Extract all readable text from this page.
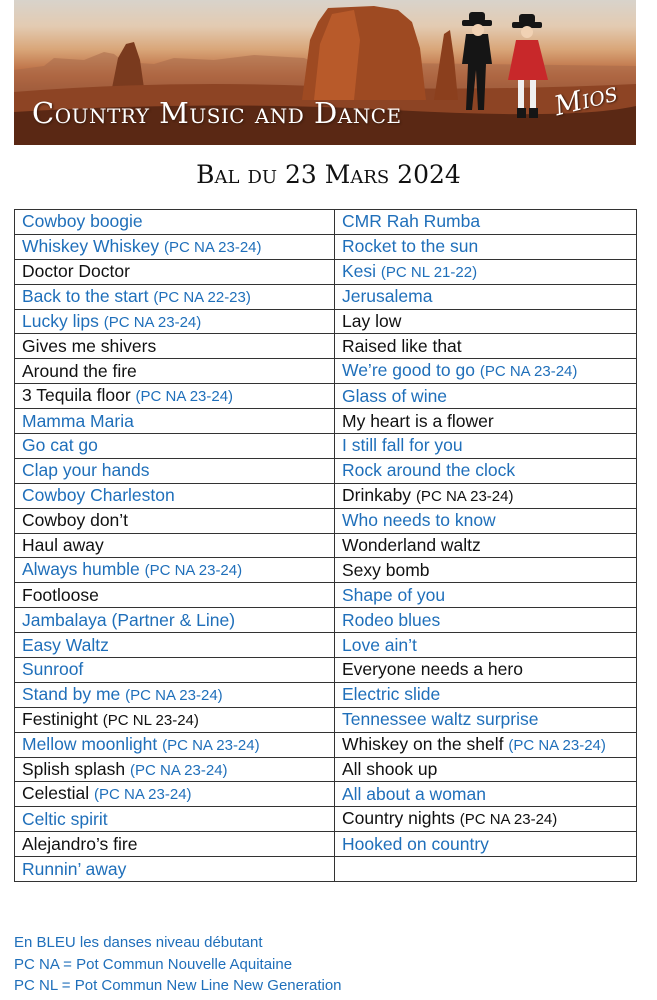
Country Music and Dance	Mios
Bal du 23 Mars 2024
Cowboy boogie	CMR Rah Rumba
Whiskey Whiskey (PC NA 23-24)	Rocket to the sun
Doctor Doctor	Kesi (PC NL 21-22)
Back to the start (PC NA 22-23)	Jerusalema
Lucky lips (PC NA 23-24)	Lay low
Gives me shivers	Raised like that
Around the fire	We’re good to go (PC NA 23-24)
3 Tequila floor (PC NA 23-24)	Glass of wine
Mamma Maria	My heart is a flower
Go cat go	I still fall for you
Clap your hands	Rock around the clock
Cowboy Charleston	Drinkaby (PC NA 23-24)
Cowboy don’t	Who needs to know
Haul away	Wonderland waltz
Always humble (PC NA 23-24)	Sexy bomb
Footloose	Shape of you
Jambalaya (Partner & Line)	Rodeo blues
Easy Waltz	Love ain’t
Sunroof	Everyone needs a hero
Stand by me (PC NA 23-24)	Electric slide
Festinight (PC NL 23-24)	Tennessee waltz surprise
Mellow moonlight (PC NA 23-24)	Whiskey on the shelf (PC NA 23-24)
Splish splash (PC NA 23-24)	All shook up
Celestial (PC NA 23-24)	All about a woman
Celtic spirit	Country nights (PC NA 23-24)
Alejandro’s fire	Hooked on country
Runnin’ away	
En BLEU les danses niveau débutant
PC NA = Pot Commun Nouvelle Aquitaine
PC NL = Pot Commun New Line New Generation
